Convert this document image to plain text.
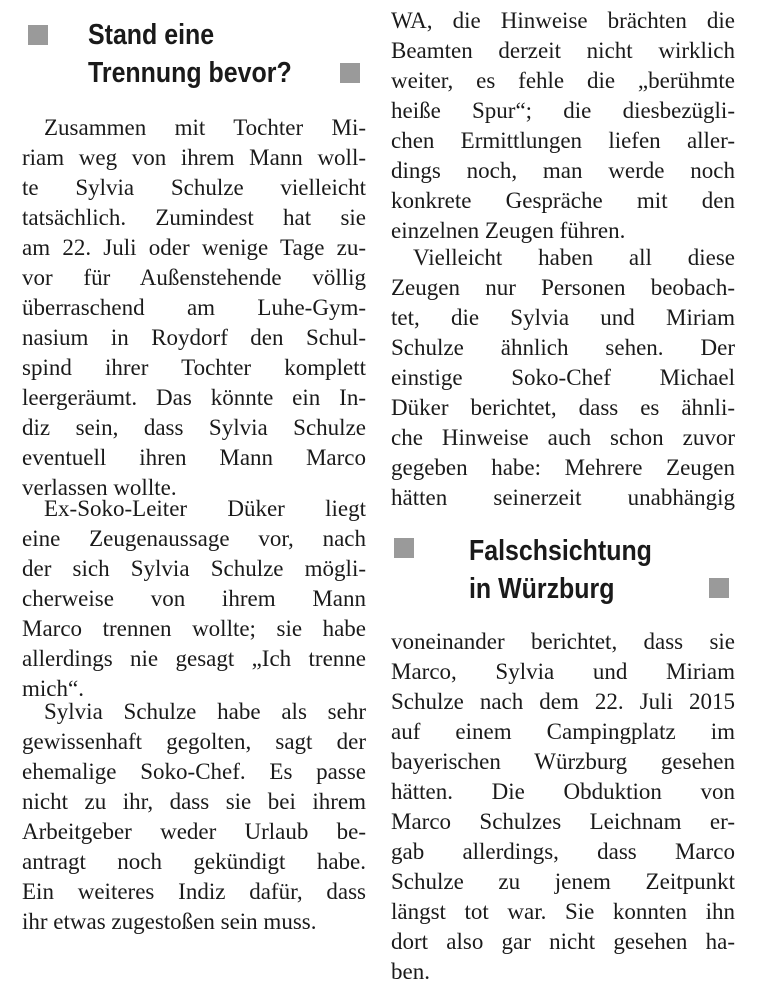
Stand eine
Trennung bevor?
Zusammen mit Tochter Mi-
riam weg von ihrem Mann woll-
te Sylvia Schulze vielleicht
tatsächlich. Zumindest hat sie
am 22. Juli oder wenige Tage zu-
vor für Außenstehende völlig
überraschend am Luhe-Gym-
nasium in Roydorf den Schul-
spind ihrer Tochter komplett
leergeräumt. Das könnte ein In-
diz sein, dass Sylvia Schulze
eventuell ihren Mann Marco
verlassen wollte.
Ex-Soko-Leiter Düker liegt
eine Zeugenaussage vor, nach
der sich Sylvia Schulze mögli-
cherweise von ihrem Mann
Marco trennen wollte; sie habe
allerdings nie gesagt „Ich trenne
mich“.
Sylvia Schulze habe als sehr
gewissenhaft gegolten, sagt der
ehemalige Soko-Chef. Es passe
nicht zu ihr, dass sie bei ihrem
Arbeitgeber weder Urlaub be-
antragt noch gekündigt habe.
Ein weiteres Indiz dafür, dass
ihr etwas zugestoßen sein muss.
WA, die Hinweise brächten die
Beamten derzeit nicht wirklich
weiter, es fehle die „berühmte
heiße Spur“; die diesbezügli-
chen Ermittlungen liefen aller-
dings noch, man werde noch
konkrete Gespräche mit den
einzelnen Zeugen führen.
Vielleicht haben all diese
Zeugen nur Personen beobach-
tet, die Sylvia und Miriam
Schulze ähnlich sehen. Der
einstige Soko-Chef Michael
Düker berichtet, dass es ähnli-
che Hinweise auch schon zuvor
gegeben habe: Mehrere Zeugen
hätten seinerzeit unabhängig
Falschsichtung
in Würzburg
voneinander berichtet, dass sie
Marco, Sylvia und Miriam
Schulze nach dem 22. Juli 2015
auf einem Campingplatz im
bayerischen Würzburg gesehen
hätten. Die Obduktion von
Marco Schulzes Leichnam er-
gab allerdings, dass Marco
Schulze zu jenem Zeitpunkt
längst tot war. Sie konnten ihn
dort also gar nicht gesehen ha-
ben.
